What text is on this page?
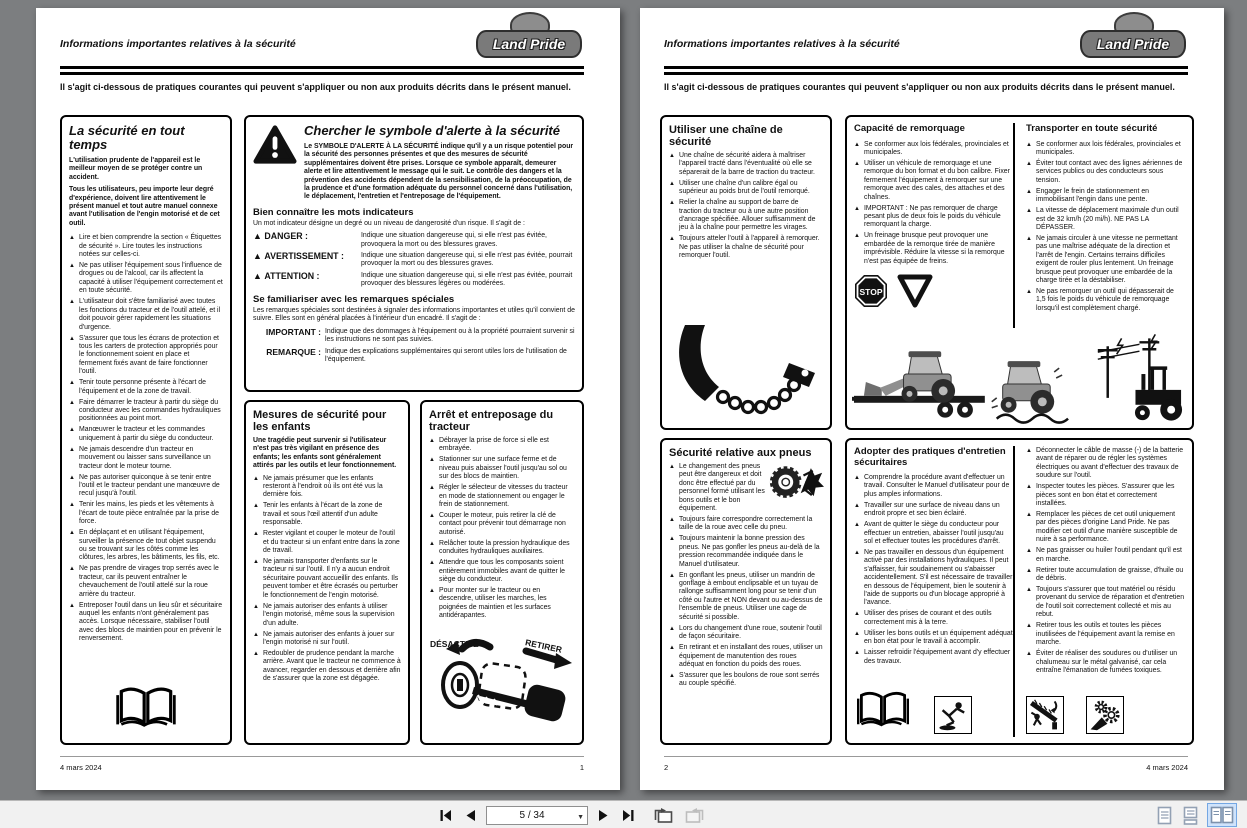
Informations importantes relatives à la sécurité	Land Pride
Il s'agit ci-dessous de pratiques courantes qui peuvent s'appliquer ou non aux produits décrits dans le présent manuel.
La sécurité en tout temps
L'utilisation prudente de l'appareil est le meilleur moyen de se protéger contre un accident.
Tous les utilisateurs, peu importe leur degré d'expérience, doivent lire attentivement le présent manuel et tout autre manuel connexe avant l'utilisation de l'engin motorisé et de cet outil.
▲ Lire et bien comprendre la section « Étiquettes de sécurité ». Lire toutes les instructions notées sur celles-ci.
▲ Ne pas utiliser l'équipement sous l'influence de drogues ou de l'alcool, car ils affectent la capacité à utiliser l'équipement correctement et en toute sécurité.
▲ L'utilisateur doit s'être familiarisé avec toutes les fonctions du tracteur et de l'outil attelé, et il doit pouvoir gérer rapidement les situations d'urgence.
▲ S'assurer que tous les écrans de protection et tous les carters de protection appropriés pour le fonctionnement soient en place et fermement fixés avant de faire fonctionner l'outil.
▲ Tenir toute personne présente à l'écart de l'équipement et de la zone de travail.
▲ Faire démarrer le tracteur à partir du siège du conducteur avec les commandes hydrauliques positionnées au point mort.
▲ Manœuvrer le tracteur et les commandes uniquement à partir du siège du conducteur.
▲ Ne jamais descendre d'un tracteur en mouvement ou laisser sans surveillance un tracteur dont le moteur tourne.
▲ Ne pas autoriser quiconque à se tenir entre l'outil et le tracteur pendant une manœuvre de recul jusqu'à l'outil.
▲ Tenir les mains, les pieds et les vêtements à l'écart de toute pièce entraînée par la prise de force.
▲ En déplaçant et en utilisant l'équipement, surveiller la présence de tout objet suspendu ou se trouvant sur les côtés comme les clôtures, les arbres, les bâtiments, les fils, etc.
▲ Ne pas prendre de virages trop serrés avec le tracteur, car ils peuvent entraîner le chevauchement de l'outil attelé sur la roue arrière du tracteur.
▲ Entreposer l'outil dans un lieu sûr et sécuritaire auquel les enfants n'ont généralement pas accès. Lorsque nécessaire, stabiliser l'outil avec des blocs de maintien pour en prévenir le renversement.
Chercher le symbole d'alerte à la sécurité
Le SYMBOLE D'ALERTE À LA SÉCURITÉ indique qu'il y a un risque potentiel pour la sécurité des personnes présentes et que des mesures de sécurité supplémentaires doivent être prises. Lorsque ce symbole apparaît, demeurer alerte et lire attentivement le message qui le suit. Le contrôle des dangers et la prévention des accidents dépendent de la sensibilisation, de la préoccupation, de la prudence et d'une formation adéquate du personnel concerné dans l'utilisation, le déplacement, l'entretien et l'entreposage de l'équipement.
Bien connaître les mots indicateurs
Un mot indicateur désigne un degré ou un niveau de dangerosité d'un risque. Il s'agit de :
▲ DANGER :	Indique une situation dangereuse qui, si elle n'est pas évitée, provoquera la mort ou des blessures graves.
▲ AVERTISSEMENT :	Indique une situation dangereuse qui, si elle n'est pas évitée, pourrait provoquer la mort ou des blessures graves.
▲ ATTENTION :	Indique une situation dangereuse qui, si elle n'est pas évitée, pourrait provoquer des blessures légères ou modérées.
Se familiariser avec les remarques spéciales
Les remarques spéciales sont destinées à signaler des informations importantes et utiles qu'il convient de suivre. Elles sont en général placées à l'intérieur d'un encadré. Il s'agit de :
IMPORTANT : Indique que des dommages à l'équipement ou à la propriété pourraient survenir si les instructions ne sont pas suivies.
REMARQUE : Indique des explications supplémentaires qui seront utiles lors de l'utilisation de l'équipement.
Mesures de sécurité pour les enfants
Une tragédie peut survenir si l'utilisateur n'est pas très vigilant en présence des enfants; les enfants sont généralement attirés par les outils et leur fonctionnement.
▲ Ne jamais présumer que les enfants resteront à l'endroit où ils ont été vus la dernière fois.
▲ Tenir les enfants à l'écart de la zone de travail et sous l'œil attentif d'un adulte responsable.
▲ Rester vigilant et couper le moteur de l'outil et du tracteur si un enfant entre dans la zone de travail.
▲ Ne jamais transporter d'enfants sur le tracteur ni sur l'outil. Il n'y a aucun endroit sécuritaire pouvant accueillir des enfants. Ils peuvent tomber et être écrasés ou perturber le fonctionnement de l'engin motorisé.
▲ Ne jamais autoriser des enfants à utiliser l'engin motorisé, même sous la supervision d'un adulte.
▲ Ne jamais autoriser des enfants à jouer sur l'engin motorisé ni sur l'outil.
▲ Redoubler de prudence pendant la marche arrière. Avant que le tracteur ne commence à avancer, regarder en dessous et derrière afin de s'assurer que la zone est dégagée.
Arrêt et entreposage du tracteur
▲ Débrayer la prise de force si elle est embrayée.
▲ Stationner sur une surface ferme et de niveau puis abaisser l'outil jusqu'au sol ou sur des blocs de maintien.
▲ Régler le sélecteur de vitesses du tracteur en mode de stationnement ou engager le frein de stationnement.
▲ Couper le moteur, puis retirer la clé de contact pour prévenir tout démarrage non autorisé.
▲ Relâcher toute la pression hydraulique des conduites hydrauliques auxiliaires.
▲ Attendre que tous les composants soient entièrement immobiles avant de quitter le siège du conducteur.
▲ Pour monter sur le tracteur ou en descendre, utiliser les marches, les poignées de maintien et les surfaces antidérapantes.
DÉSACTIVÉ	RETIRER
4 mars 2024	1
Informations importantes relatives à la sécurité	Land Pride
Il s'agit ci-dessous de pratiques courantes qui peuvent s'appliquer ou non aux produits décrits dans le présent manuel.
Utiliser une chaîne de sécurité
▲ Une chaîne de sécurité aidera à maîtriser l'appareil tracté dans l'éventualité où elle se séparerait de la barre de traction du tracteur.
▲ Utiliser une chaîne d'un calibre égal ou supérieur au poids brut de l'outil remorqué.
▲ Relier la chaîne au support de barre de traction du tracteur ou à une autre position d'ancrage spécifiée. Allouer suffisamment de jeu à la chaîne pour permettre les virages.
▲ Toujours atteler l'outil à l'appareil à remorquer. Ne pas utiliser la chaîne de sécurité pour remorquer l'outil.
Capacité de remorquage
▲ Se conformer aux lois fédérales, provinciales et municipales.
▲ Utiliser un véhicule de remorquage et une remorque du bon format et du bon calibre. Fixer fermement l'équipement à remorquer sur une remorque avec des cales, des attaches et des chaînes.
▲ IMPORTANT : Ne pas remorquer de charge pesant plus de deux fois le poids du véhicule remorquant la charge.
▲ Un freinage brusque peut provoquer une embardée de la remorque tirée de manière imprévisible. Réduire la vitesse si la remorque n'est pas équipée de freins.
STOP
Transporter en toute sécurité
▲ Se conformer aux lois fédérales, provinciales et municipales.
▲ Éviter tout contact avec des lignes aériennes de services publics ou des conducteurs sous tension.
▲ Engager le frein de stationnement en immobilisant l'engin dans une pente.
▲ La vitesse de déplacement maximale d'un outil est de 32 km/h (20 mi/h). NE PAS LA DÉPASSER.
▲ Ne jamais circuler à une vitesse ne permettant pas une maîtrise adéquate de la direction et l'arrêt de l'engin. Certains terrains difficiles exigent de rouler plus lentement. Un freinage brusque peut provoquer une embardée de la charge tirée et la déstabiliser.
▲ Ne pas remorquer un outil qui dépasserait de 1,5 fois le poids du véhicule de remorquage lorsqu'il est complètement chargé.
Sécurité relative aux pneus
▲ Le changement des pneus peut être dangereux et doit donc être effectué par du personnel formé utilisant les bons outils et le bon équipement.
▲ Toujours faire correspondre correctement la taille de la roue avec celle du pneu.
▲ Toujours maintenir la bonne pression des pneus. Ne pas gonfler les pneus au-delà de la pression recommandée indiquée dans le Manuel d'utilisateur.
▲ En gonflant les pneus, utiliser un mandrin de gonflage à embout enclipsable et un tuyau de rallonge suffisamment long pour se tenir d'un côté ou l'autre et NON devant ou au-dessus de l'ensemble de pneus. Utiliser une cage de sécurité si possible.
▲ Lors du changement d'une roue, soutenir l'outil de façon sécuritaire.
▲ En retirant et en installant des roues, utiliser un équipement de manutention des roues adéquat en fonction du poids des roues.
▲ S'assurer que les boulons de roue sont serrés au couple spécifié.
Adopter des pratiques d'entretien sécuritaires
▲ Comprendre la procédure avant d'effectuer un travail. Consulter le Manuel d'utilisateur pour de plus amples informations.
▲ Travailler sur une surface de niveau dans un endroit propre et sec bien éclairé.
▲ Avant de quitter le siège du conducteur pour effectuer un entretien, abaisser l'outil jusqu'au sol et effectuer toutes les procédures d'arrêt.
▲ Ne pas travailler en dessous d'un équipement activé par des installations hydrauliques. Il peut s'affaisser, fuir soudainement ou s'abaisser accidentellement. S'il est nécessaire de travailler en dessous de l'équipement, bien le soutenir à l'aide de supports ou d'un blocage approprié à l'avance.
▲ Utiliser des prises de courant et des outils correctement mis à la terre.
▲ Utiliser les bons outils et un équipement adéquat en bon état pour le travail à accomplir.
▲ Laisser refroidir l'équipement avant d'y effectuer des travaux.
▲ Déconnecter le câble de masse (-) de la batterie avant de réparer ou de régler les systèmes électriques ou avant d'effectuer des travaux de soudure sur l'outil.
▲ Inspecter toutes les pièces. S'assurer que les pièces sont en bon état et correctement installées.
▲ Remplacer les pièces de cet outil uniquement par des pièces d'origine Land Pride. Ne pas modifier cet outil d'une manière susceptible de nuire à sa performance.
▲ Ne pas graisser ou huiler l'outil pendant qu'il est en marche.
▲ Retirer toute accumulation de graisse, d'huile ou de débris.
▲ Toujours s'assurer que tout matériel ou résidu provenant du service de réparation et d'entretien de l'outil soit correctement collecté et mis au rebut.
▲ Retirer tous les outils et toutes les pièces inutilisées de l'équipement avant la remise en marche.
▲ Éviter de réaliser des soudures ou d'utiliser un chalumeau sur le métal galvanisé, car cela entraîne l'émanation de fumées toxiques.
2	4 mars 2024
5 / 34	▼
